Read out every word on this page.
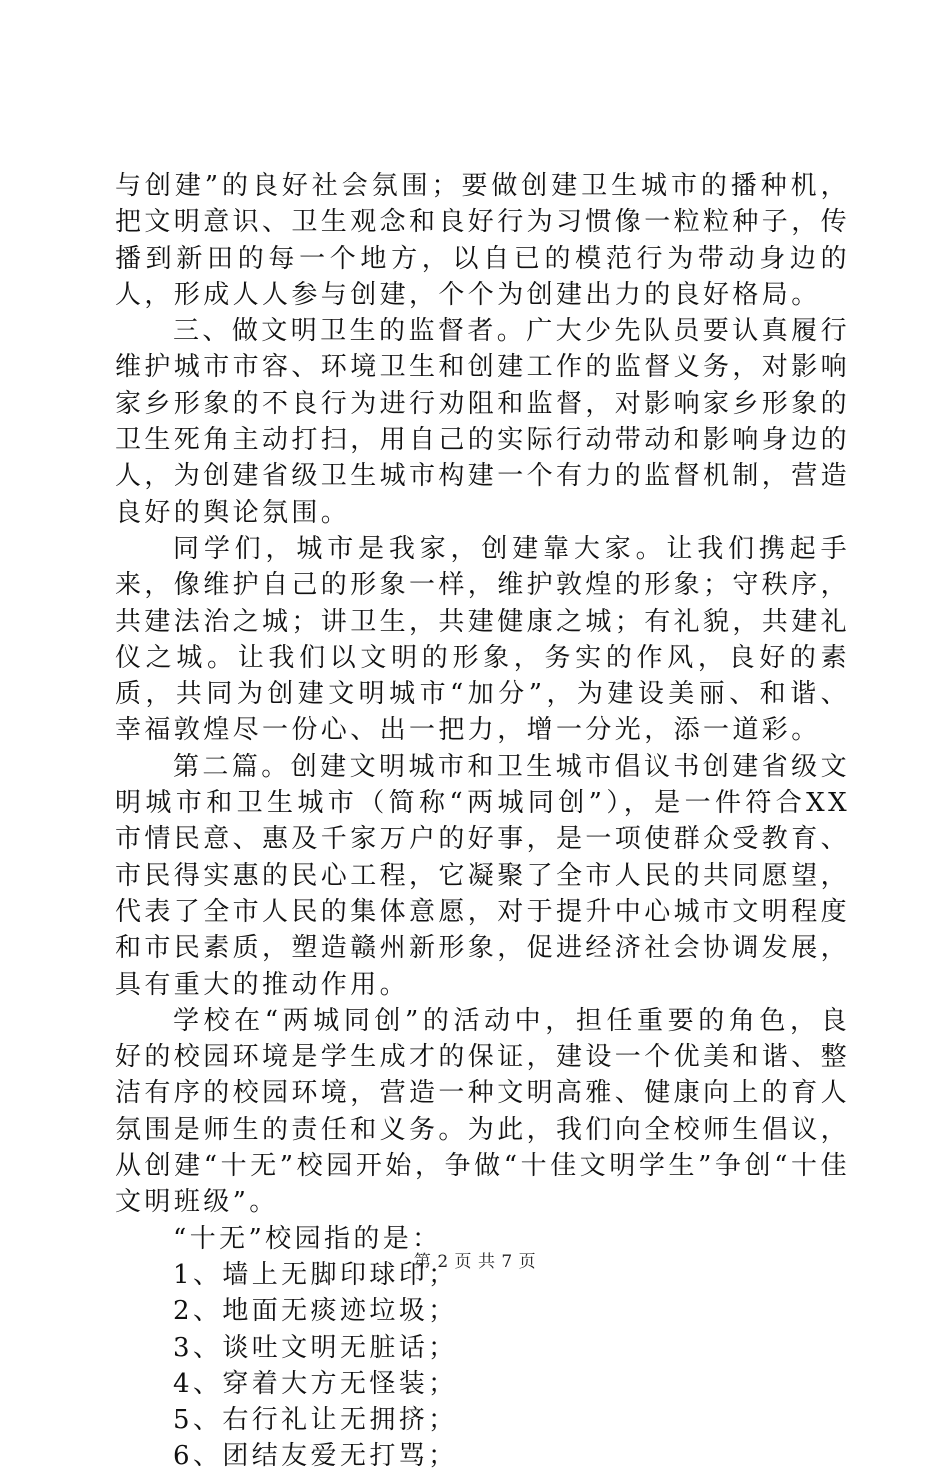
与创建”的良好社会氛围；要做创建卫生城市的播种机，把文明意识、卫生观念和良好行为习惯像一粒粒种子，传播到新田的每一个地方，以自已的模范行为带动身边的人，形成人人参与创建，个个为创建出力的良好格局。

三、做文明卫生的监督者。广大少先队员要认真履行维护城市市容、环境卫生和创建工作的监督义务，对影响家乡形象的不良行为进行劝阻和监督，对影响家乡形象的卫生死角主动打扫，用自己的实际行动带动和影响身边的人，为创建省级卫生城市构建一个有力的监督机制，营造良好的舆论氛围。

同学们，城市是我家，创建靠大家。让我们携起手来，像维护自己的形象一样，维护敦煌的形象；守秩序，共建法治之城；讲卫生，共建健康之城；有礼貌，共建礼仪之城。让我们以文明的形象，务实的作风，良好的素质，共同为创建文明城市“加分”，为建设美丽、和谐、幸福敦煌尽一份心、出一把力，增一分光，添一道彩。

第二篇。创建文明城市和卫生城市倡议书创建省级文明城市和卫生城市（简称“两城同创”），是一件符合XX市情民意、惠及千家万户的好事，是一项使群众受教育、市民得实惠的民心工程，它凝聚了全市人民的共同愿望，代表了全市人民的集体意愿，对于提升中心城市文明程度和市民素质，塑造赣州新形象，促进经济社会协调发展，具有重大的推动作用。

学校在“两城同创”的活动中，担任重要的角色，良好的校园环境是学生成才的保证，建设一个优美和谐、整洁有序的校园环境，营造一种文明高雅、健康向上的育人氛围是师生的责任和义务。为此，我们向全校师生倡议，从创建“十无”校园开始，争做“十佳文明学生”争创“十佳文明班级”。

“十无”校园指的是：

1、墙上无脚印球印；

2、地面无痰迹垃圾；

3、谈吐文明无脏话；

4、穿着大方无怪装；

5、右行礼让无拥挤；

6、团结友爱无打骂；

第 2 页 共 7 页
